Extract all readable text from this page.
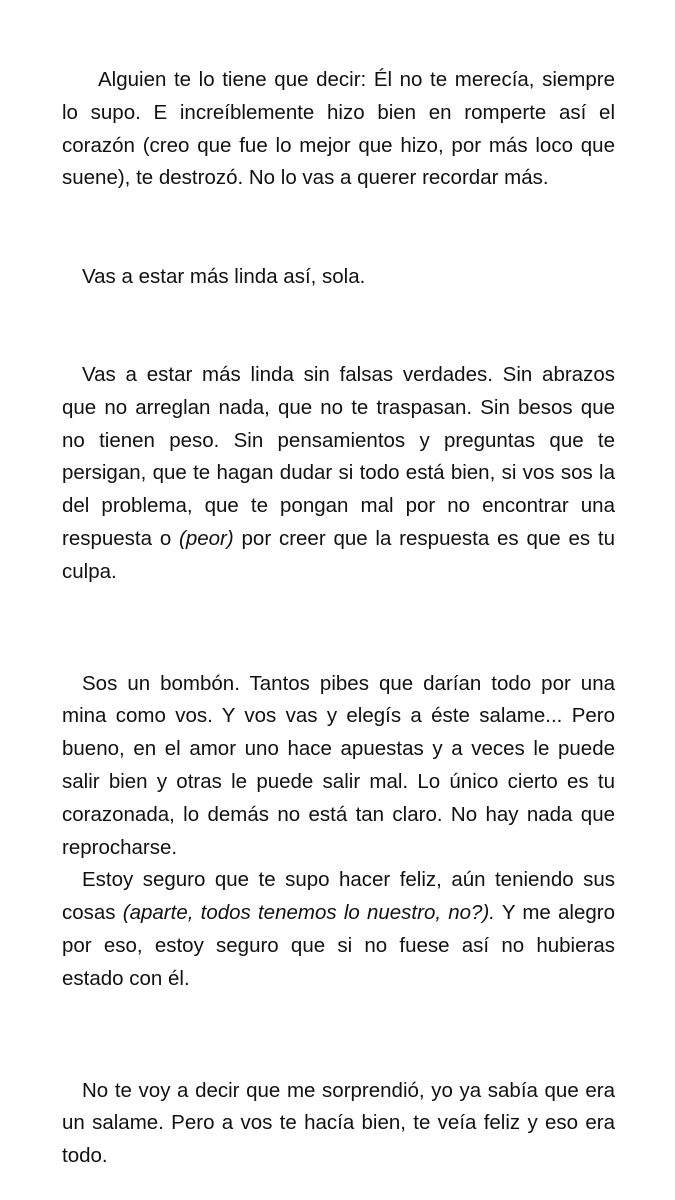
Alguien te lo tiene que decir: Él no te merecía, siempre lo supo. E increíblemente hizo bien en romperte así el corazón (creo que fue lo mejor que hizo, por más loco que suene), te destrozó. No lo vas a querer recordar más.

Vas a estar más linda así, sola.

Vas a estar más linda sin falsas verdades. Sin abrazos que no arreglan nada, que no te traspasan. Sin besos que no tienen peso. Sin pensamientos y preguntas que te persigan, que te hagan dudar si todo está bien, si vos sos la del problema, que te pongan mal por no encontrar una respuesta o (peor) por creer que la respuesta es que es tu culpa.

Sos un bombón. Tantos pibes que darían todo por una mina como vos. Y vos vas y elegís a éste salame... Pero bueno, en el amor uno hace apuestas y a veces le puede salir bien y otras le puede salir mal. Lo único cierto es tu corazonada, lo demás no está tan claro. No hay nada que reprocharse.

Estoy seguro que te supo hacer feliz, aún teniendo sus cosas (aparte, todos tenemos lo nuestro, no?). Y me alegro por eso, estoy seguro que si no fuese así no hubieras estado con él.

No te voy a decir que me sorprendió, yo ya sabía que era un salame. Pero a vos te hacía bien, te veía feliz y eso era todo.
